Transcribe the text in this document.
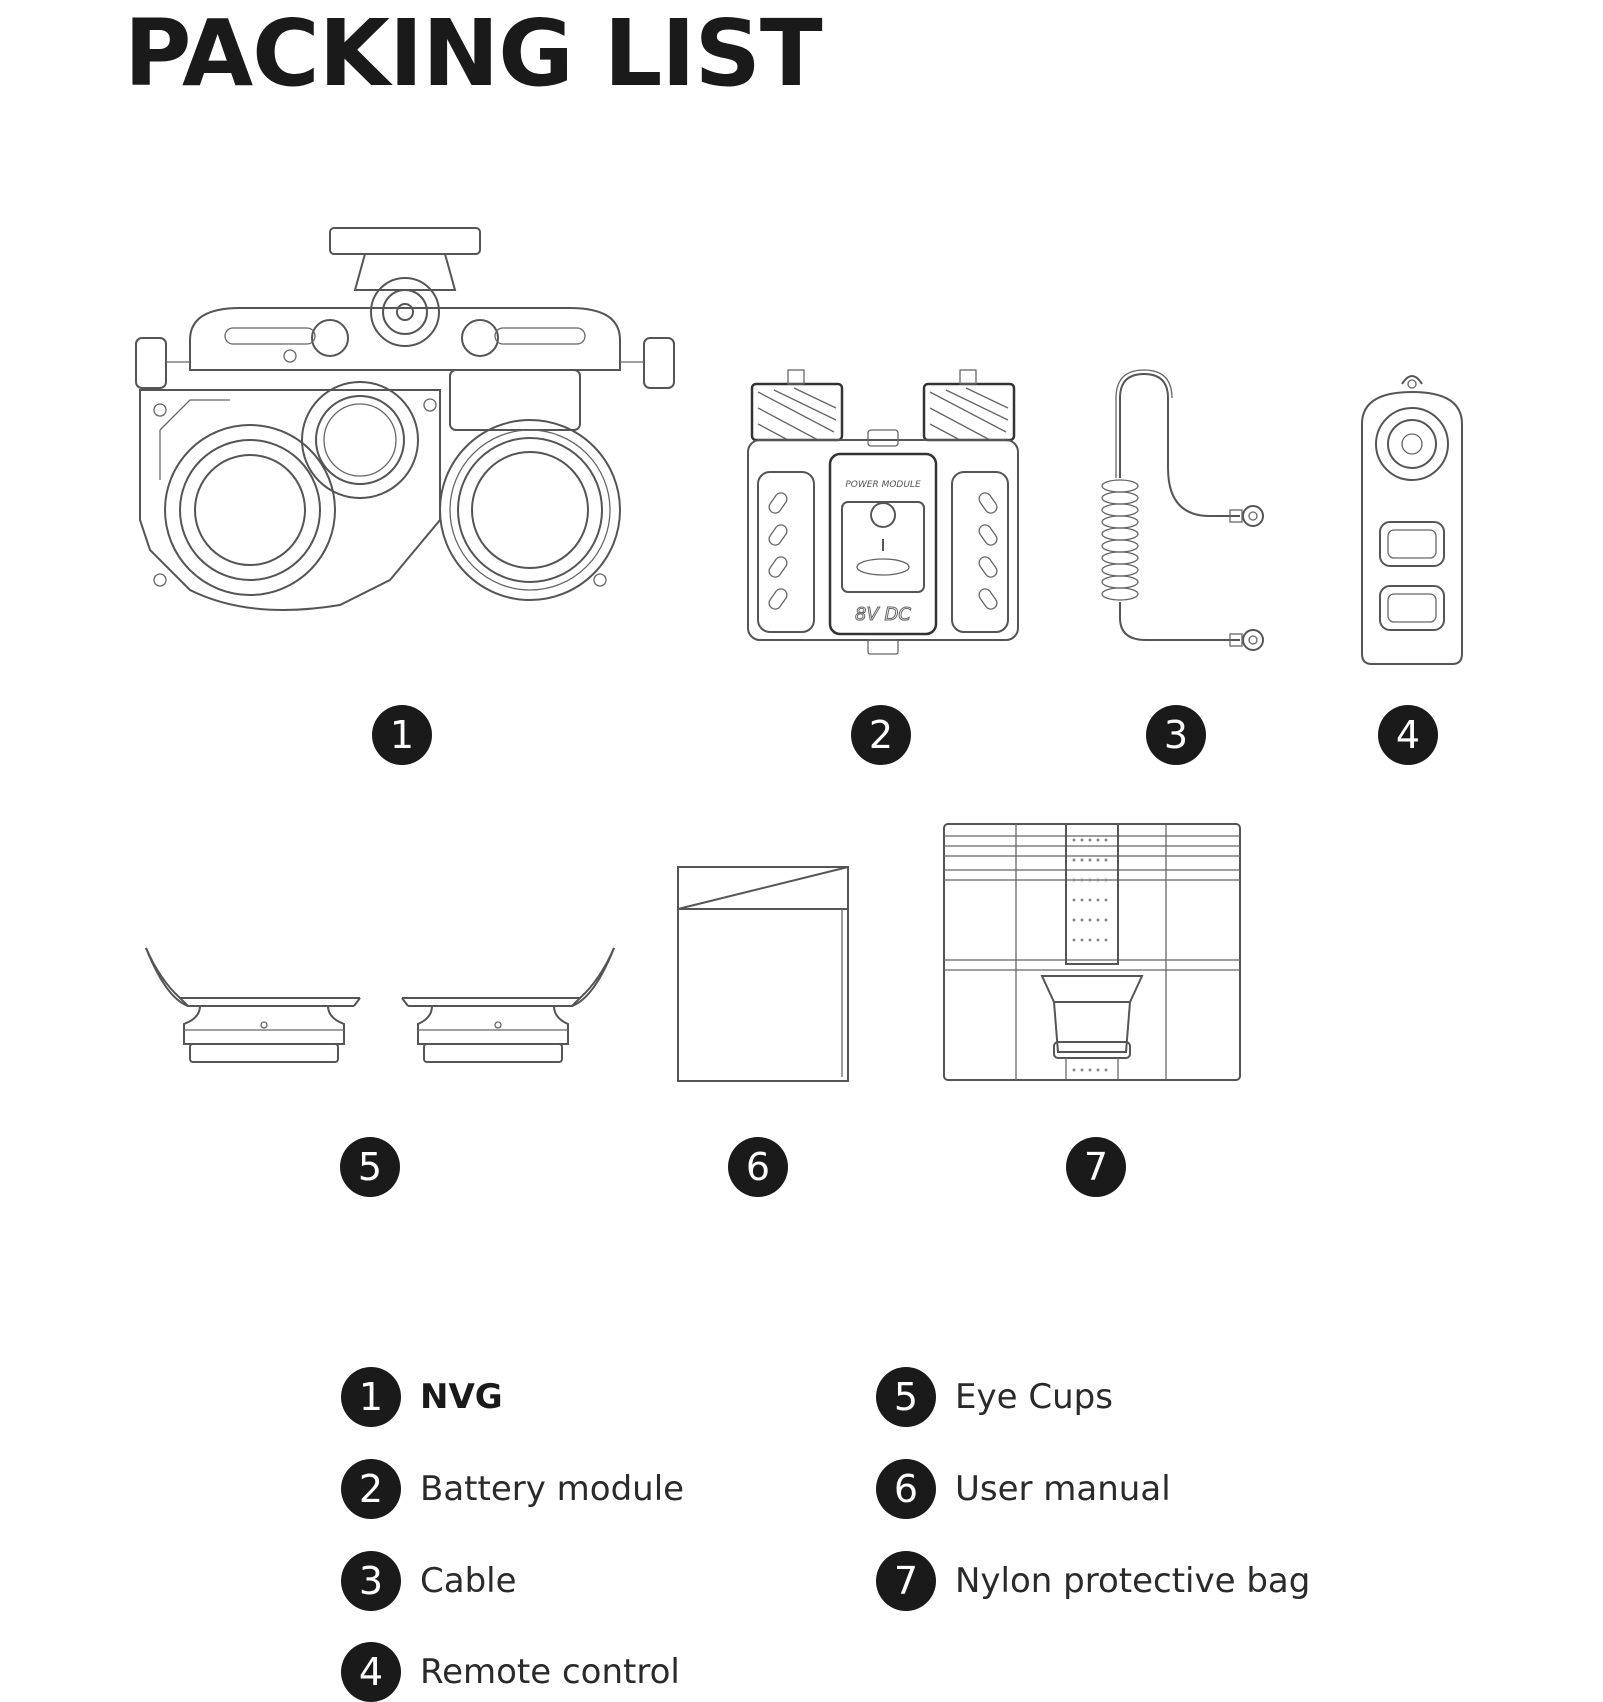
PACKING LIST
POWER MODULE
8V DC
1	2	3	4
5	6	7
1	NVG
2	Battery module
3	Cable
4	Remote control
5	Eye Cups
6	User manual
7	Nylon protective bag
